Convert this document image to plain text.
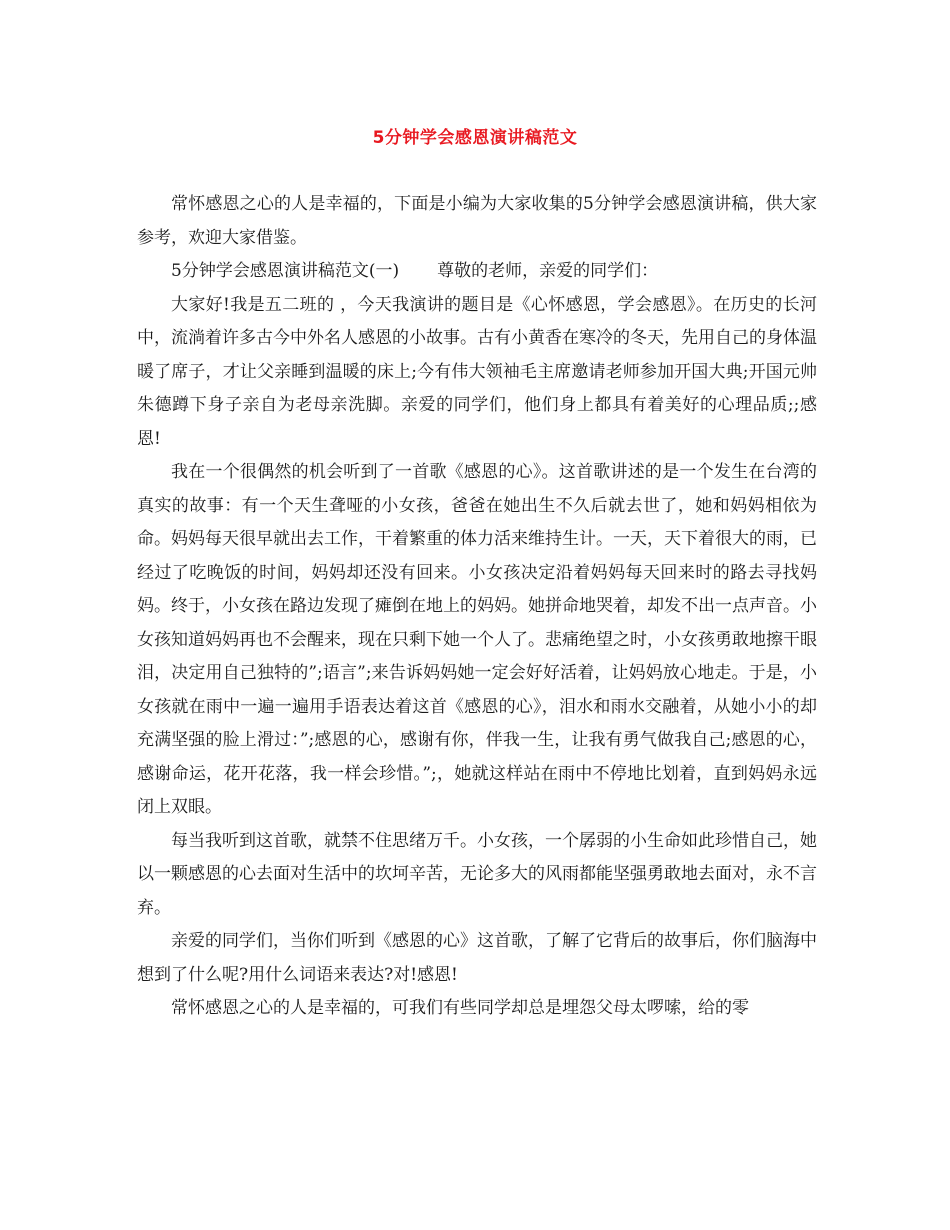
5分钟学会感恩演讲稿范文

常怀感恩之心的人是幸福的，下面是小编为大家收集的5分钟学会感恩演讲稿，供大家参考，欢迎大家借鉴。

5分钟学会感恩演讲稿范文(一) 尊敬的老师，亲爱的同学们：

大家好!我是五二班的 ，今天我演讲的题目是《心怀感恩，学会感恩》。在历史的长河中，流淌着许多古今中外名人感恩的小故事。古有小黄香在寒冷的冬天，先用自己的身体温暖了席子，才让父亲睡到温暖的床上;今有伟大领袖毛主席邀请老师参加开国大典;开国元帅朱德蹲下身子亲自为老母亲洗脚。亲爱的同学们，他们身上都具有着美好的心理品质;;感恩!

我在一个很偶然的机会听到了一首歌《感恩的心》。这首歌讲述的是一个发生在台湾的真实的故事：有一个天生聋哑的小女孩，爸爸在她出生不久后就去世了，她和妈妈相依为命。妈妈每天很早就出去工作，干着繁重的体力活来维持生计。一天，天下着很大的雨，已经过了吃晚饭的时间，妈妈却还没有回来。小女孩决定沿着妈妈每天回来时的路去寻找妈妈。终于，小女孩在路边发现了瘫倒在地上的妈妈。她拼命地哭着，却发不出一点声音。小女孩知道妈妈再也不会醒来，现在只剩下她一个人了。悲痛绝望之时，小女孩勇敢地擦干眼泪，决定用自己独特的”;语言”;来告诉妈妈她一定会好好活着，让妈妈放心地走。于是，小女孩就在雨中一遍一遍用手语表达着这首《感恩的心》，泪水和雨水交融着，从她小小的却充满坚强的脸上滑过：”;感恩的心，感谢有你，伴我一生，让我有勇气做我自己;感恩的心，感谢命运，花开花落，我一样会珍惜。”;，她就这样站在雨中不停地比划着，直到妈妈永远闭上双眼。

每当我听到这首歌，就禁不住思绪万千。小女孩，一个孱弱的小生命如此珍惜自己，她以一颗感恩的心去面对生活中的坎坷辛苦，无论多大的风雨都能坚强勇敢地去面对，永不言弃。

亲爱的同学们，当你们听到《感恩的心》这首歌，了解了它背后的故事后，你们脑海中想到了什么呢?用什么词语来表达?对!感恩!

常怀感恩之心的人是幸福的，可我们有些同学却总是埋怨父母太啰嗦，给的零
